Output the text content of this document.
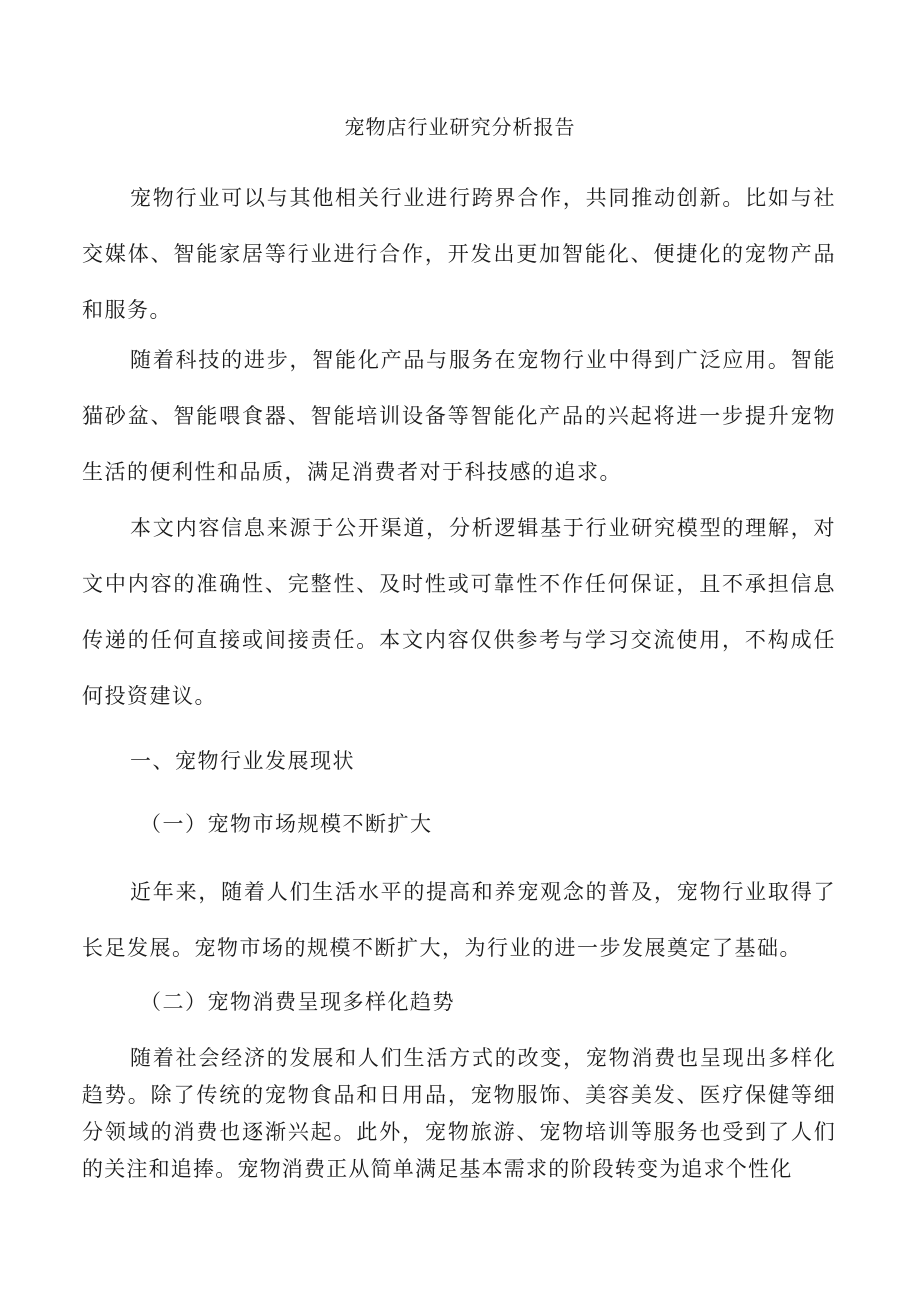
宠物店行业研究分析报告

宠物行业可以与其他相关行业进行跨界合作，共同推动创新。比如与社交媒体、智能家居等行业进行合作，开发出更加智能化、便捷化的宠物产品和服务。

随着科技的进步，智能化产品与服务在宠物行业中得到广泛应用。智能猫砂盆、智能喂食器、智能培训设备等智能化产品的兴起将进一步提升宠物生活的便利性和品质，满足消费者对于科技感的追求。

本文内容信息来源于公开渠道，分析逻辑基于行业研究模型的理解，对文中内容的准确性、完整性、及时性或可靠性不作任何保证，且不承担信息传递的任何直接或间接责任。本文内容仅供参考与学习交流使用，不构成任何投资建议。

一、宠物行业发展现状
（一）宠物市场规模不断扩大

近年来，随着人们生活水平的提高和养宠观念的普及，宠物行业取得了长足发展。宠物市场的规模不断扩大，为行业的进一步发展奠定了基础。

（二）宠物消费呈现多样化趋势

随着社会经济的发展和人们生活方式的改变，宠物消费也呈现出多样化趋势。除了传统的宠物食品和日用品，宠物服饰、美容美发、医疗保健等细分领域的消费也逐渐兴起。此外，宠物旅游、宠物培训等服务也受到了人们的关注和追捧。宠物消费正从简单满足基本需求的阶段转变为追求个性化
